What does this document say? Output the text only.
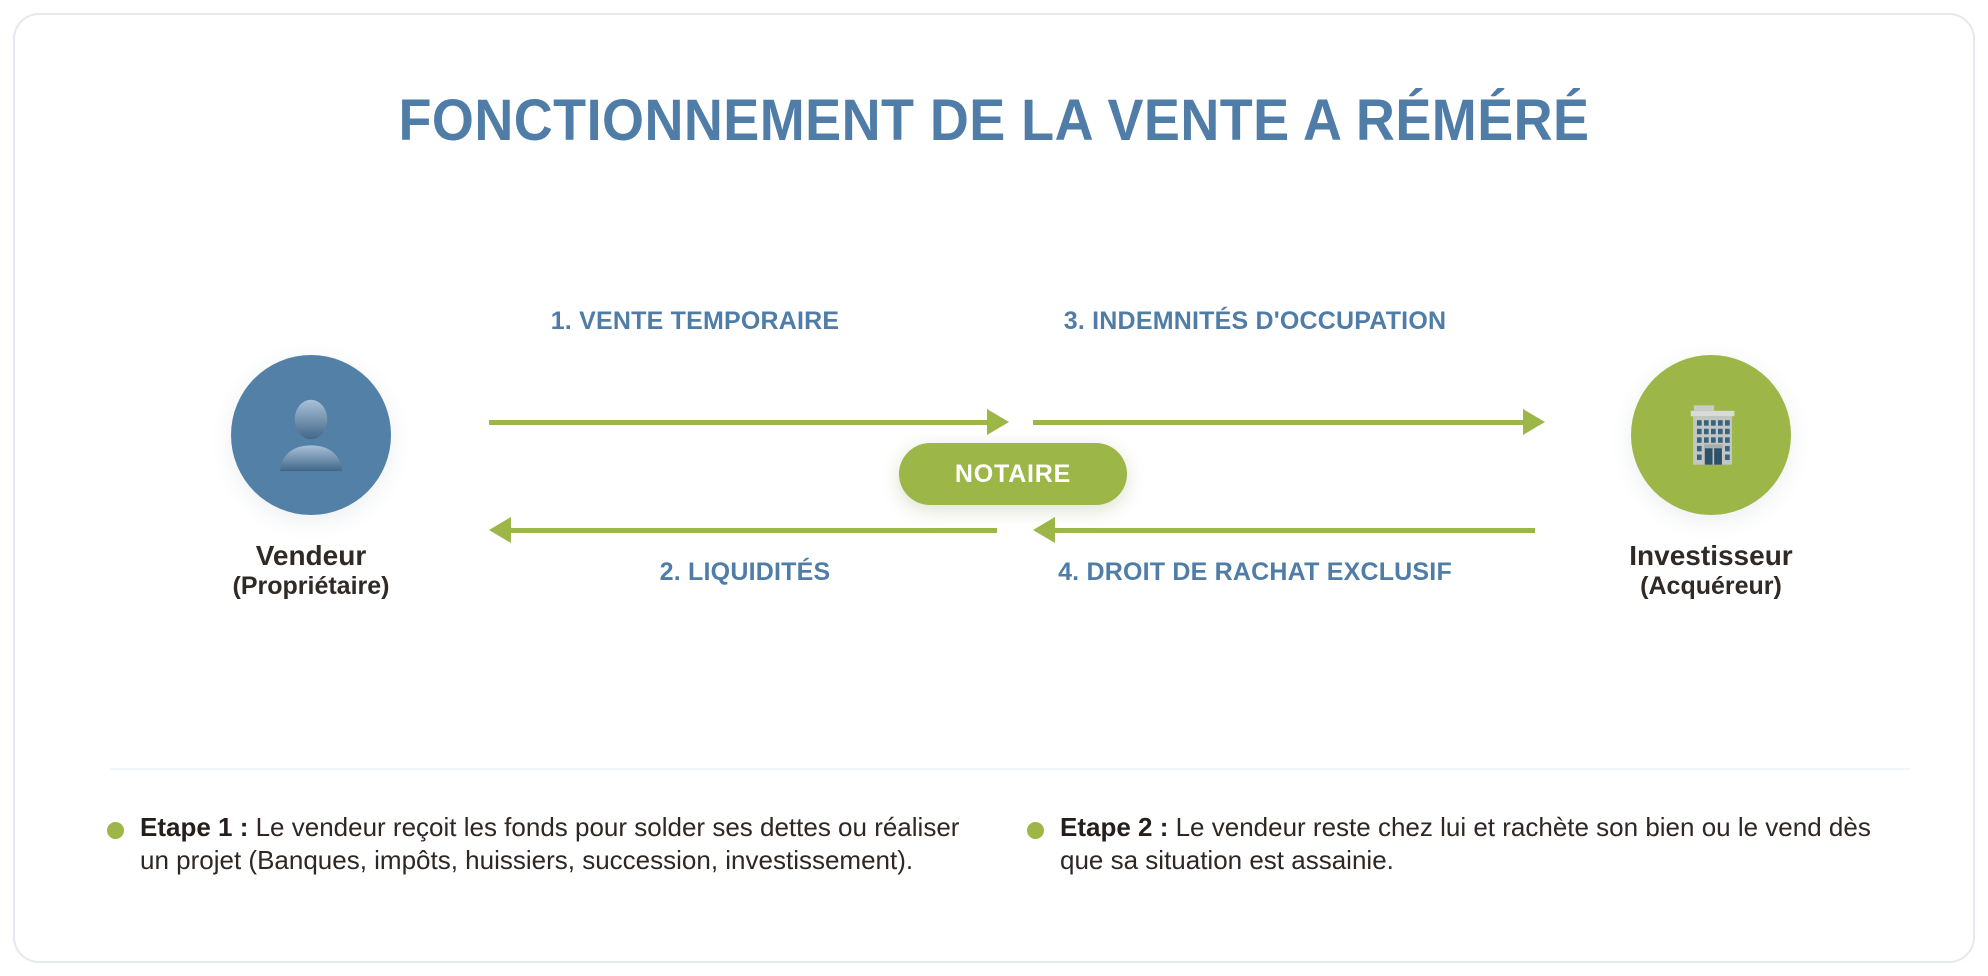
FONCTIONNEMENT DE LA VENTE A RÉMÉRÉ
Vendeur
(Propriétaire)
Investisseur
(Acquéreur)
1. VENTE TEMPORAIRE	3. INDEMNITÉS D'OCCUPATION
2. LIQUIDITÉS	4. DROIT DE RACHAT EXCLUSIF
NOTAIRE
Etape 1 : Le vendeur reçoit les fonds pour solder ses dettes ou réaliser un projet (Banques, impôts, huissiers, succession, investissement).
Etape 2 : Le vendeur reste chez lui et rachète son bien ou le vend dès que sa situation est assainie.
